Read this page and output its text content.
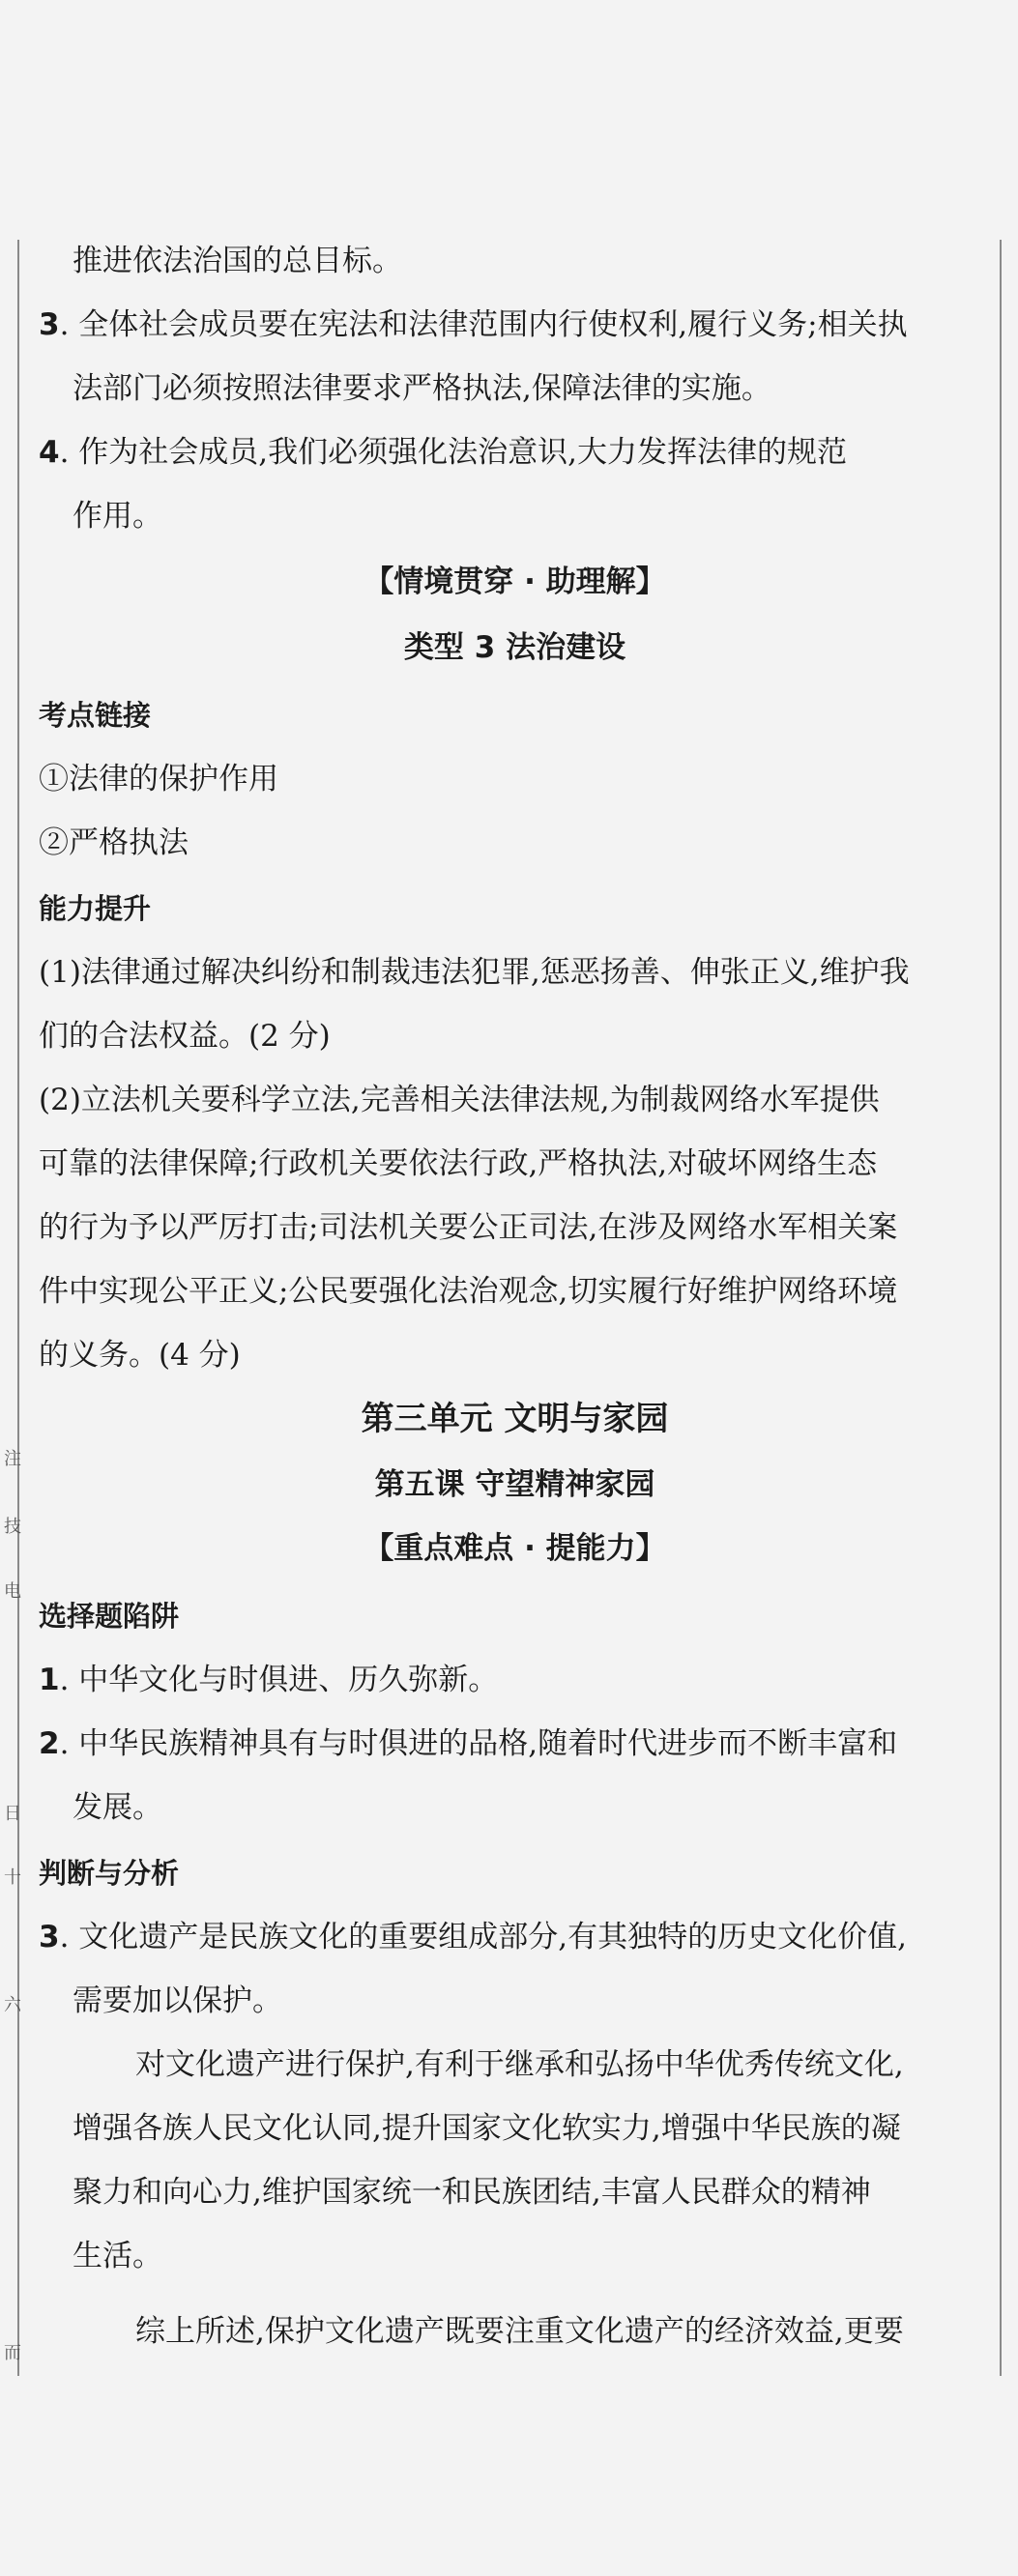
注
技
电
日
十
六
而
推进依法治国的总目标。
3. 全体社会成员要在宪法和法律范围内行使权利,履行义务;相关执
法部门必须按照法律要求严格执法,保障法律的实施。
4. 作为社会成员,我们必须强化法治意识,大力发挥法律的规范
作用。
【情境贯穿 · 助理解】
类型 3 法治建设
考点链接
①法律的保护作用
②严格执法
能力提升
(1)法律通过解决纠纷和制裁违法犯罪,惩恶扬善、伸张正义,维护我
们的合法权益。(2 分)
(2)立法机关要科学立法,完善相关法律法规,为制裁网络水军提供
可靠的法律保障;行政机关要依法行政,严格执法,对破坏网络生态
的行为予以严厉打击;司法机关要公正司法,在涉及网络水军相关案
件中实现公平正义;公民要强化法治观念,切实履行好维护网络环境
的义务。(4 分)
第三单元 文明与家园
第五课 守望精神家园
【重点难点 · 提能力】
选择题陷阱
1. 中华文化与时俱进、历久弥新。
2. 中华民族精神具有与时俱进的品格,随着时代进步而不断丰富和
发展。
判断与分析
3. 文化遗产是民族文化的重要组成部分,有其独特的历史文化价值,
需要加以保护。
对文化遗产进行保护,有利于继承和弘扬中华优秀传统文化,
增强各族人民文化认同,提升国家文化软实力,增强中华民族的凝
聚力和向心力,维护国家统一和民族团结,丰富人民群众的精神
生活。
综上所述,保护文化遗产既要注重文化遗产的经济效益,更要
